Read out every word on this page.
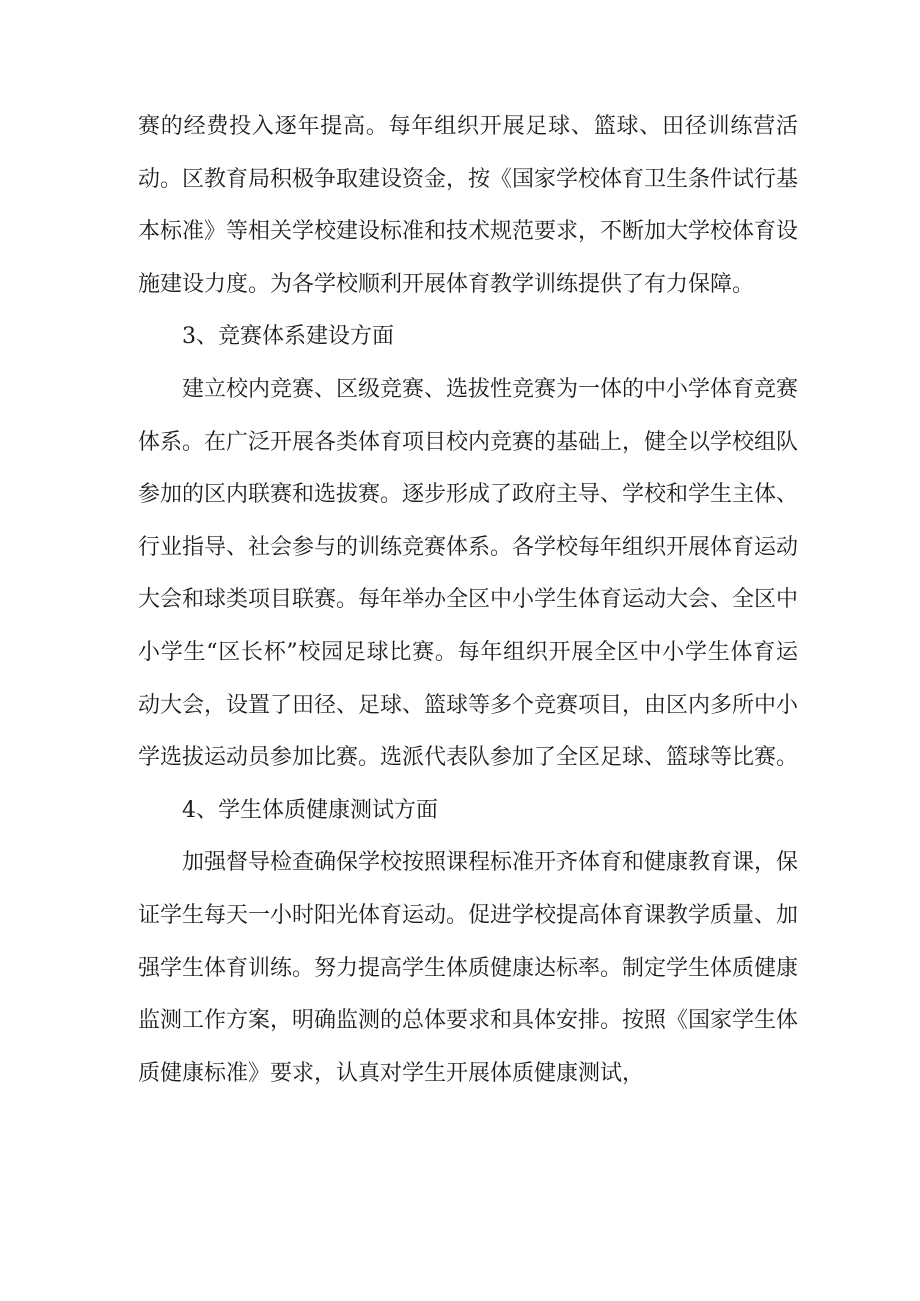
赛的经费投入逐年提高。每年组织开展足球、篮球、田径训练营活动。区教育局积极争取建设资金，按《国家学校体育卫生条件试行基本标准》等相关学校建设标准和技术规范要求，不断加大学校体育设施建设力度。为各学校顺利开展体育教学训练提供了有力保障。

3、竞赛体系建设方面

建立校内竞赛、区级竞赛、选拔性竞赛为一体的中小学体育竞赛体系。在广泛开展各类体育项目校内竞赛的基础上，健全以学校组队参加的区内联赛和选拔赛。逐步形成了政府主导、学校和学生主体、行业指导、社会参与的训练竞赛体系。各学校每年组织开展体育运动大会和球类项目联赛。每年举办全区中小学生体育运动大会、全区中小学生“区长杯”校园足球比赛。每年组织开展全区中小学生体育运动大会，设置了田径、足球、篮球等多个竞赛项目，由区内多所中小学选拔运动员参加比赛。选派代表队参加了全区足球、篮球等比赛。

4、学生体质健康测试方面

加强督导检查确保学校按照课程标准开齐体育和健康教育课，保证学生每天一小时阳光体育运动。促进学校提高体育课教学质量、加强学生体育训练。努力提高学生体质健康达标率。制定学生体质健康监测工作方案，明确监测的总体要求和具体安排。按照《国家学生体质健康标准》要求，认真对学生开展体质健康测试，
